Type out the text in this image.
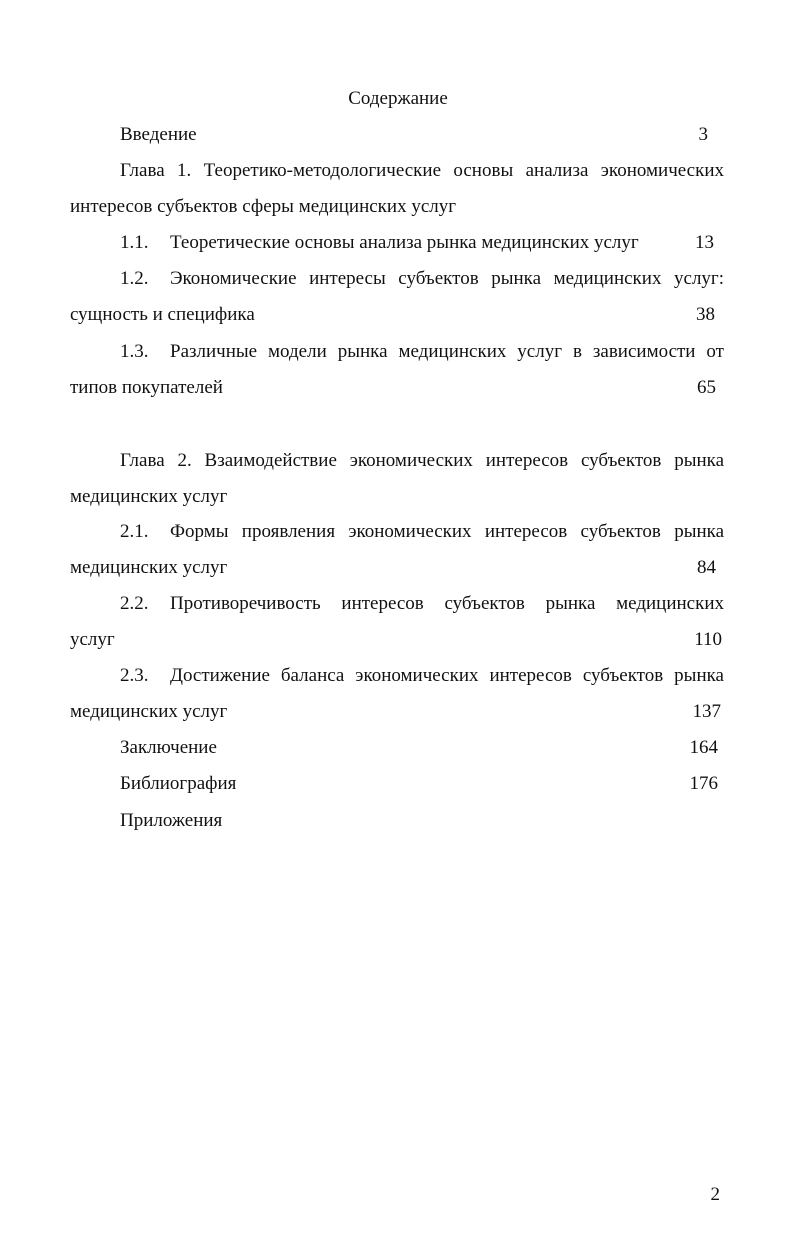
Содержание
Введение	3
Глава 1. Теоретико-методологические основы анализа экономических
интересов субъектов сферы медицинских услуг
1.1. Теоретические основы анализа рынка медицинских услуг	13
1.2.	Экономические интересы субъектов рынка медицинских услуг:
сущность и специфика	38
1.3.	Различные модели рынка медицинских услуг в зависимости от
типов покупателей	65
Глава 2. Взаимодействие экономических интересов субъектов рынка
медицинских услуг
2.1.	Формы проявления экономических интересов субъектов рынка
медицинских услуг	84
2.2.	Противоречивость интересов субъектов рынка медицинских
услуг	110
2.3.	Достижение баланса экономических интересов субъектов рынка
медицинских услуг	137
Заключение	164
Библиография	176
Приложения
2
